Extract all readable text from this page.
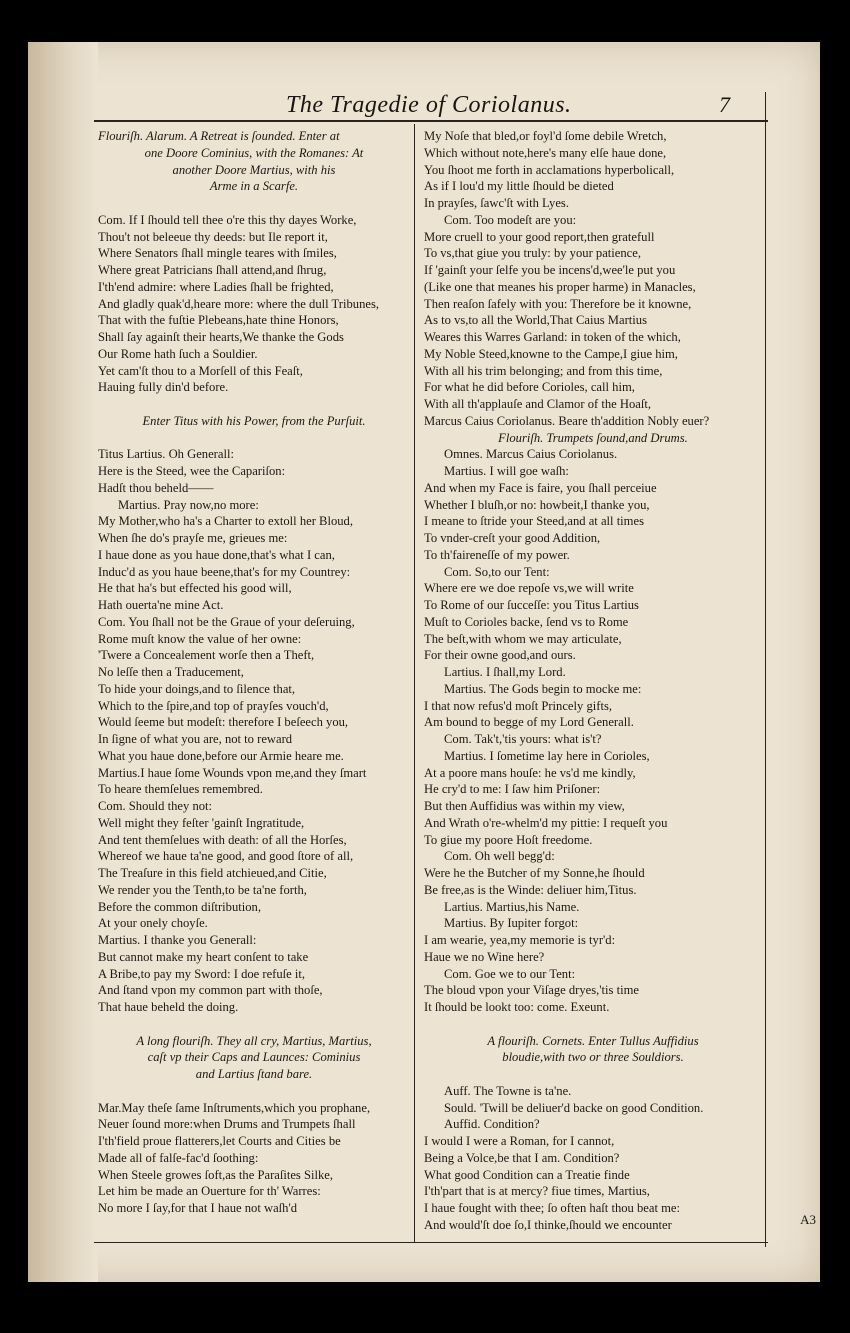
The Tragedie of Coriolanus.	7
Flouriſh. Alarum. A Retreat is ſounded. Enter at
one Doore Cominius, with the Romanes: At
another Doore Martius, with his
Arme in a Scarfe.
Com. If I ſhould tell thee o're this thy dayes Worke,
Thou't not beleeue thy deeds: but Ile report it,
Where Senators ſhall mingle teares with ſmiles,
Where great Patricians ſhall attend,and ſhrug,
I'th'end admire: where Ladies ſhall be frighted,
And gladly quak'd,heare more: where the dull Tribunes,
That with the fuſtie Plebeans,hate thine Honors,
Shall ſay againſt their hearts,We thanke the Gods
Our Rome hath ſuch a Souldier.
Yet cam'ſt thou to a Morſell of this Feaſt,
Hauing fully din'd before.
Enter Titus with his Power, from the Purſuit.
Titus Lartius. Oh Generall:
Here is the Steed, wee the Capariſon:
Hadſt thou beheld——
Martius. Pray now,no more:
My Mother,who ha's a Charter to extoll her Bloud,
When ſhe do's prayſe me, grieues me:
I haue done as you haue done,that's what I can,
Induc'd as you haue beene,that's for my Countrey:
He that ha's but effected his good will,
Hath ouerta'ne mine Act.
Com. You ſhall not be the Graue of your deſeruing,
Rome muſt know the value of her owne:
'Twere a Concealement worſe then a Theft,
No leſſe then a Traducement,
To hide your doings,and to ſilence that,
Which to the ſpire,and top of prayſes vouch'd,
Would ſeeme but modeſt: therefore I beſeech you,
In ſigne of what you are, not to reward
What you haue done,before our Armie heare me.
Martius.I haue ſome Wounds vpon me,and they ſmart
To heare themſelues remembred.
Com. Should they not:
Well might they feſter 'gainſt Ingratitude,
And tent themſelues with death: of all the Horſes,
Whereof we haue ta'ne good, and good ſtore of all,
The Treaſure in this field atchieued,and Citie,
We render you the Tenth,to be ta'ne forth,
Before the common diſtribution,
At your onely choyſe.
Martius. I thanke you Generall:
But cannot make my heart conſent to take
A Bribe,to pay my Sword: I doe refuſe it,
And ſtand vpon my common part with thoſe,
That haue beheld the doing.
A long flouriſh. They all cry, Martius, Martius,
caſt vp their Caps and Launces: Cominius
and Lartius ſtand bare.
Mar.May theſe ſame Inſtruments,which you prophane,
Neuer ſound more:when Drums and Trumpets ſhall
I'th'field proue flatterers,let Courts and Cities be
Made all of falſe-fac'd ſoothing:
When Steele growes ſoft,as the Paraſites Silke,
Let him be made an Ouerture for th' Warres:
No more I ſay,for that I haue not waſh'd
My Noſe that bled,or foyl'd ſome debile Wretch,
Which without note,here's many elſe haue done,
You ſhoot me forth in acclamations hyperbolicall,
As if I lou'd my little ſhould be dieted
In prayſes, ſawc'ſt with Lyes.
Com. Too modeſt are you:
More cruell to your good report,then gratefull
To vs,that giue you truly: by your patience,
If 'gainſt your ſelfe you be incens'd,wee'le put you
(Like one that meanes his proper harme) in Manacles,
Then reaſon ſafely with you: Therefore be it knowne,
As to vs,to all the World,That Caius Martius
Weares this Warres Garland: in token of the which,
My Noble Steed,knowne to the Campe,I giue him,
With all his trim belonging; and from this time,
For what he did before Corioles, call him,
With all th'applauſe and Clamor of the Hoaſt,
Marcus Caius Coriolanus. Beare th'addition Nobly euer?
Flouriſh. Trumpets ſound,and Drums.
Omnes. Marcus Caius Coriolanus.
Martius. I will goe waſh:
And when my Face is faire, you ſhall perceiue
Whether I bluſh,or no: howbeit,I thanke you,
I meane to ſtride your Steed,and at all times
To vnder-creſt your good Addition,
To th'faireneſſe of my power.
Com. So,to our Tent:
Where ere we doe repoſe vs,we will write
To Rome of our ſucceſſe: you Titus Lartius
Muſt to Corioles backe, ſend vs to Rome
The beſt,with whom we may articulate,
For their owne good,and ours.
Lartius. I ſhall,my Lord.
Martius. The Gods begin to mocke me:
I that now refus'd moſt Princely gifts,
Am bound to begge of my Lord Generall.
Com. Tak't,'tis yours: what is't?
Martius. I ſometime lay here in Corioles,
At a poore mans houſe: he vs'd me kindly,
He cry'd to me: I ſaw him Priſoner:
But then Auffidius was within my view,
And Wrath o're-whelm'd my pittie: I requeſt you
To giue my poore Hoſt freedome.
Com. Oh well begg'd:
Were he the Butcher of my Sonne,he ſhould
Be free,as is the Winde: deliuer him,Titus.
Lartius. Martius,his Name.
Martius. By Iupiter forgot:
I am wearie, yea,my memorie is tyr'd:
Haue we no Wine here?
Com. Goe we to our Tent:
The bloud vpon your Viſage dryes,'tis time
It ſhould be lookt too: come. Exeunt.
A flouriſh. Cornets. Enter Tullus Auffidius
bloudie,with two or three Souldiors.
Auff. The Towne is ta'ne.
Sould. 'Twill be deliuer'd backe on good Condition.
Auffid. Condition?
I would I were a Roman, for I cannot,
Being a Volce,be that I am. Condition?
What good Condition can a Treatie finde
I'th'part that is at mercy? fiue times, Martius,
I haue fought with thee; ſo often haſt thou beat me:
And would'ſt doe ſo,I thinke,ſhould we encounter	A3
